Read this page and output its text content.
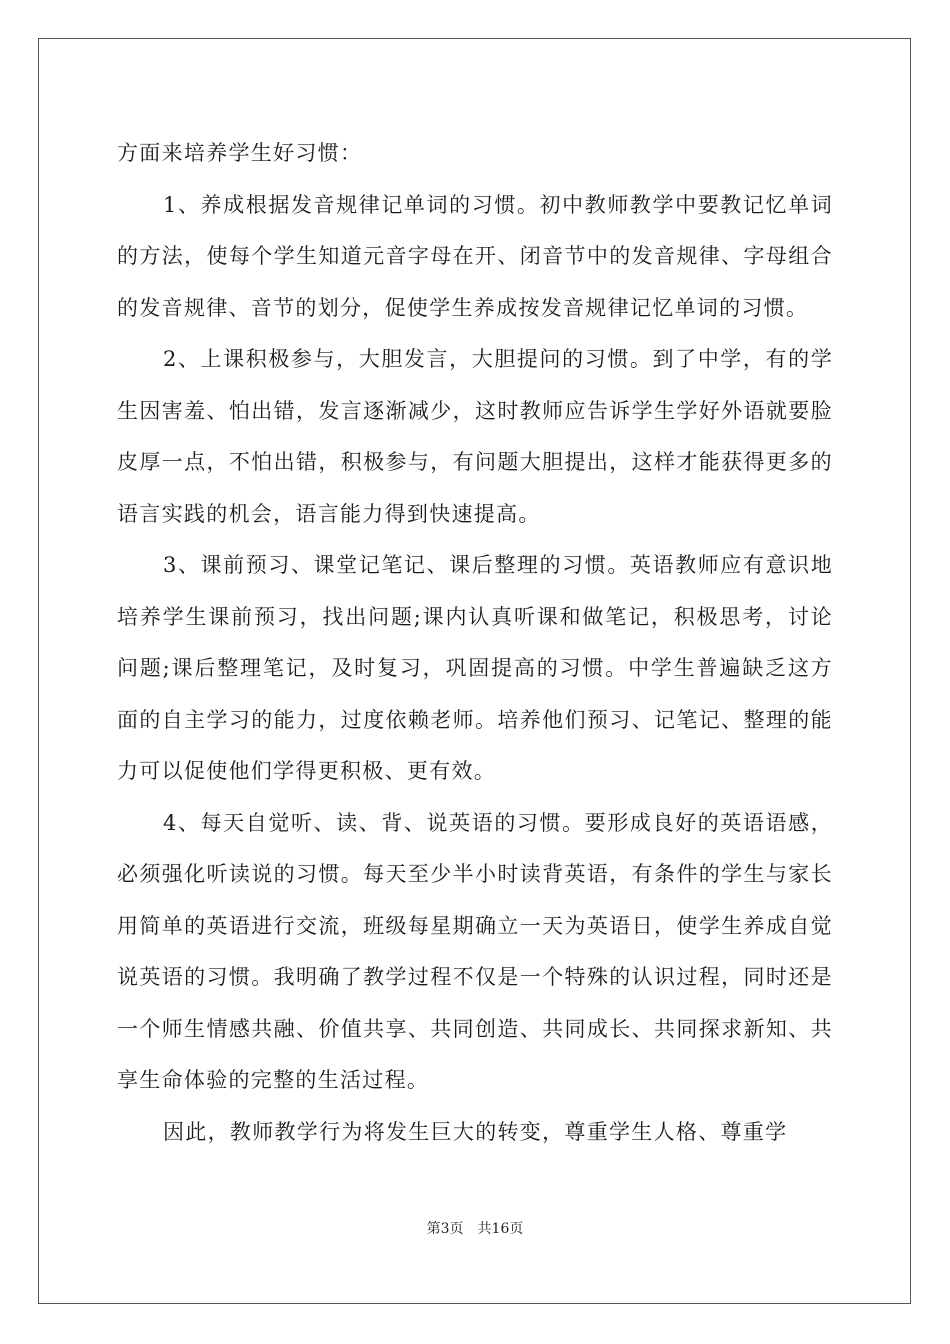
方面来培养学生好习惯：

1、养成根据发音规律记单词的习惯。初中教师教学中要教记忆单词的方法，使每个学生知道元音字母在开、闭音节中的发音规律、字母组合的发音规律、音节的划分，促使学生养成按发音规律记忆单词的习惯。

2、上课积极参与，大胆发言，大胆提问的习惯。到了中学，有的学生因害羞、怕出错，发言逐渐减少，这时教师应告诉学生学好外语就要脸皮厚一点，不怕出错，积极参与，有问题大胆提出，这样才能获得更多的语言实践的机会，语言能力得到快速提高。

3、课前预习、课堂记笔记、课后整理的习惯。英语教师应有意识地培养学生课前预习，找出问题;课内认真听课和做笔记，积极思考，讨论问题;课后整理笔记，及时复习，巩固提高的习惯。中学生普遍缺乏这方面的自主学习的能力，过度依赖老师。培养他们预习、记笔记、整理的能力可以促使他们学得更积极、更有效。

4、每天自觉听、读、背、说英语的习惯。要形成良好的英语语感，必须强化听读说的习惯。每天至少半小时读背英语，有条件的学生与家长用简单的英语进行交流，班级每星期确立一天为英语日，使学生养成自觉说英语的习惯。我明确了教学过程不仅是一个特殊的认识过程，同时还是一个师生情感共融、价值共享、共同创造、共同成长、共同探求新知、共享生命体验的完整的生活过程。

因此，教师教学行为将发生巨大的转变，尊重学生人格、尊重学

第3页 共16页
